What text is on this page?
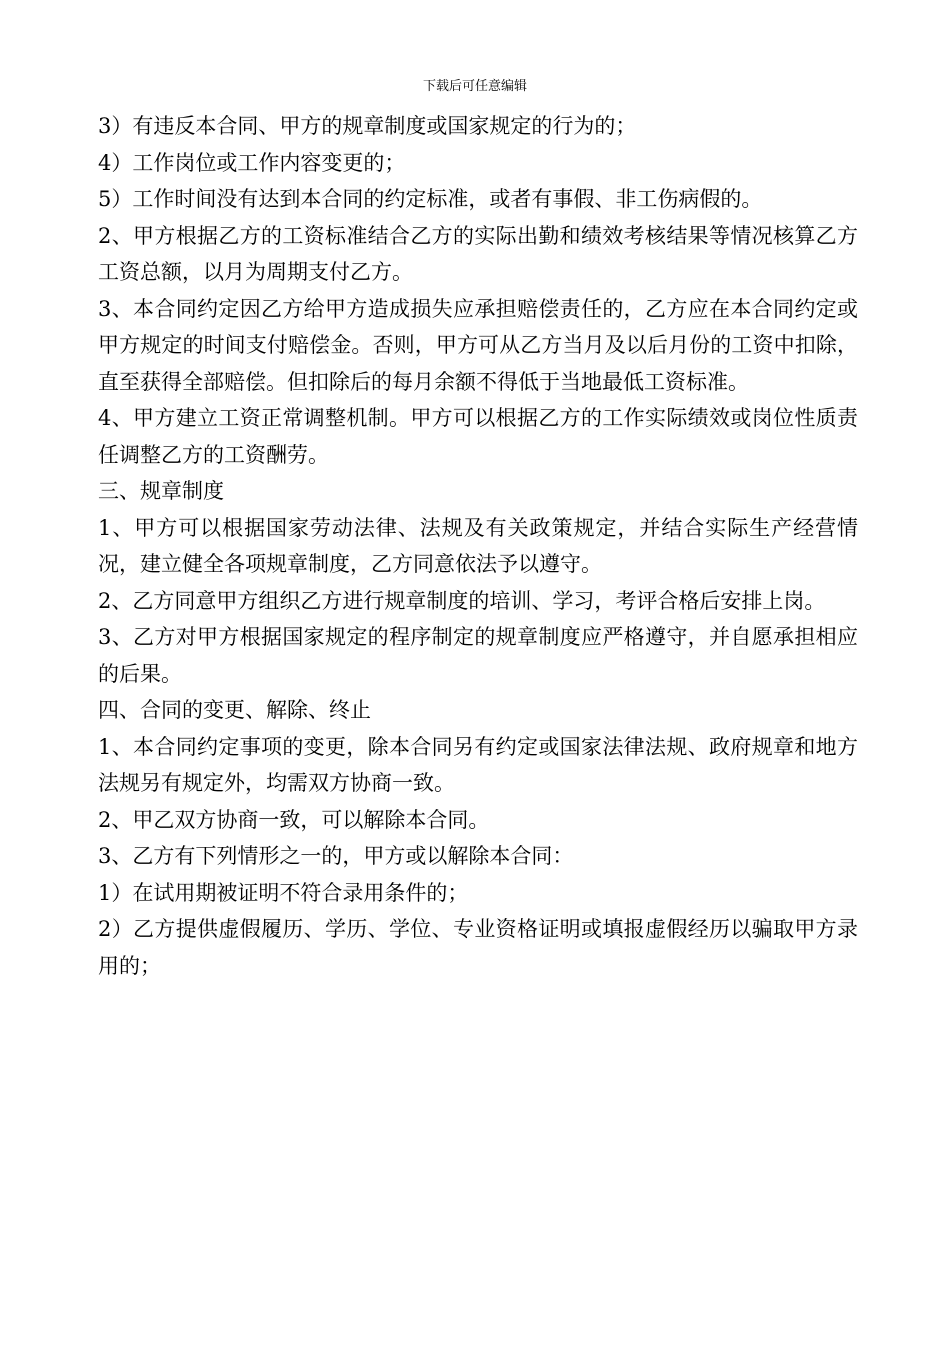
下载后可任意编辑

3）有违反本合同、甲方的规章制度或国家规定的行为的；

4）工作岗位或工作内容变更的；

5）工作时间没有达到本合同的约定标准，或者有事假、非工伤病假的。

2、甲方根据乙方的工资标准结合乙方的实际出勤和绩效考核结果等情况核算乙方工资总额，以月为周期支付乙方。

3、本合同约定因乙方给甲方造成损失应承担赔偿责任的，乙方应在本合同约定或甲方规定的时间支付赔偿金。否则，甲方可从乙方当月及以后月份的工资中扣除，直至获得全部赔偿。但扣除后的每月余额不得低于当地最低工资标准。

4、甲方建立工资正常调整机制。甲方可以根据乙方的工作实际绩效或岗位性质责任调整乙方的工资酬劳。

三、规章制度

1、甲方可以根据国家劳动法律、法规及有关政策规定，并结合实际生产经营情况，建立健全各项规章制度，乙方同意依法予以遵守。

2、乙方同意甲方组织乙方进行规章制度的培训、学习，考评合格后安排上岗。

3、乙方对甲方根据国家规定的程序制定的规章制度应严格遵守，并自愿承担相应的后果。

四、合同的变更、解除、终止

1、本合同约定事项的变更，除本合同另有约定或国家法律法规、政府规章和地方法规另有规定外，均需双方协商一致。

2、甲乙双方协商一致，可以解除本合同。

3、乙方有下列情形之一的，甲方或以解除本合同：

1）在试用期被证明不符合录用条件的；

2）乙方提供虚假履历、学历、学位、专业资格证明或填报虚假经历以骗取甲方录用的；
